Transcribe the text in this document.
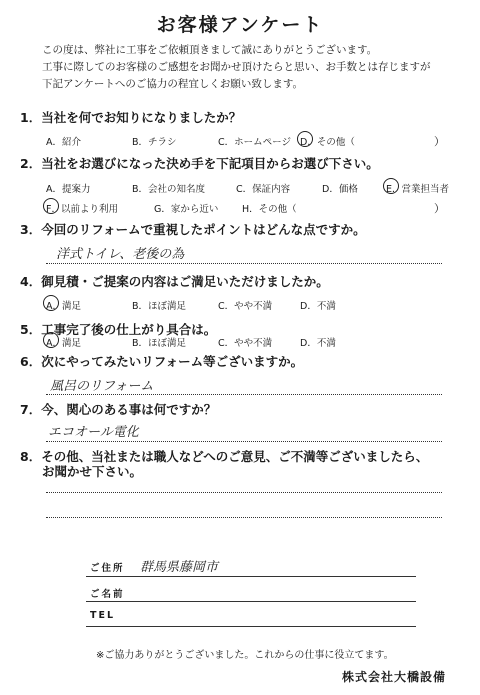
お客様アンケート
この度は、弊社に工事をご依頼頂きまして誠にありがとうございます。
工事に際してのお客様のご感想をお聞かせ頂けたらと思い、お手数とは存じますが
下記アンケートへのご協力の程宜しくお願い致します。
1．当社を何でお知りになりましたか？
A．紹介	B．チラシ	C．ホームページ D．その他（	）
2．当社をお選びになった決め手を下記項目からお選び下さい。
A．提案力	B．会社の知名度	C．保証内容	D．価格	E．営業担当者
F．以前より利用	G．家から近い H．その他（	）
3．今回のリフォームで重視したポイントはどんな点ですか。
洋式トイレ、老後の為
4．御見積・ご提案の内容はご満足いただけましたか。
A．満足	B．ほぼ満足	C．やや不満	D．不満
5．工事完了後の仕上がり具合は。
A．満足	B．ほぼ満足	C．やや不満	D．不満
6．次にやってみたいリフォーム等ございますか。
風呂のリフォーム
7．今、関心のある事は何ですか？
エコオール電化
8．その他、当社または職人などへのご意見、ご不満等ございましたら、
お聞かせ下さい。
ご住所 群馬県藤岡市
ご名前
TEL
※ご協力ありがとうございました。これからの仕事に役立てます。
株式会社大橋設備
